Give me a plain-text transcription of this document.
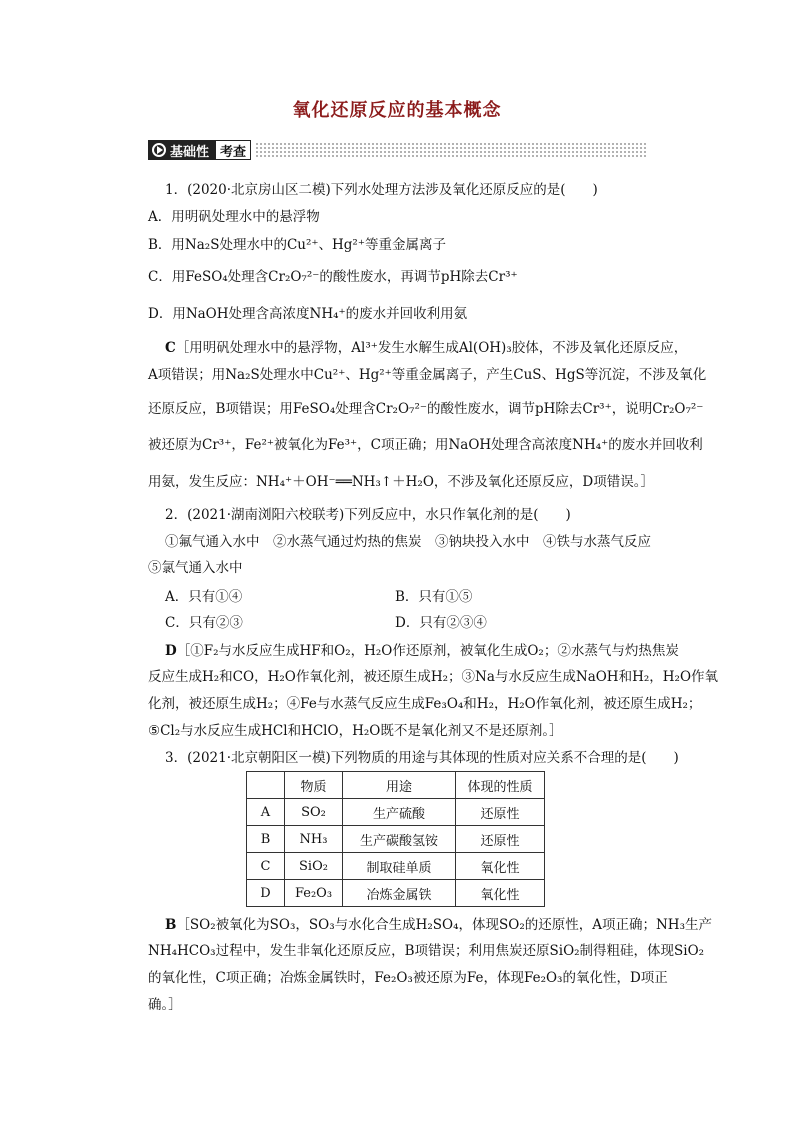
氧化还原反应的基本概念
基础性 考查
1．(2020·北京房山区二模)下列水处理方法涉及氧化还原反应的是(　　)
A．用明矾处理水中的悬浮物
B．用Na₂S处理水中的Cu²⁺、Hg²⁺等重金属离子
C．用FeSO₄处理含Cr₂O₇²⁻的酸性废水，再调节pH除去Cr³⁺
D．用NaOH处理含高浓度NH₄⁺的废水并回收利用氨
C［用明矾处理水中的悬浮物，Al³⁺发生水解生成Al(OH)₃胶体，不涉及氧化还原反应，
A项错误；用Na₂S处理水中Cu²⁺、Hg²⁺等重金属离子，产生CuS、HgS等沉淀，不涉及氧化
还原反应，B项错误；用FeSO₄处理含Cr₂O₇²⁻的酸性废水，调节pH除去Cr³⁺，说明Cr₂O₇²⁻
被还原为Cr³⁺，Fe²⁺被氧化为Fe³⁺，C项正确；用NaOH处理含高浓度NH₄⁺的废水并回收利
用氨，发生反应：NH₄⁺＋OH⁻══NH₃↑＋H₂O，不涉及氧化还原反应，D项错误。］
2．(2021·湖南浏阳六校联考)下列反应中，水只作氧化剂的是(　　)
①氟气通入水中　②水蒸气通过灼热的焦炭　③钠块投入水中　④铁与水蒸气反应
⑤氯气通入水中
A．只有①④	B．只有①⑤
C．只有②③	D．只有②③④
D［①F₂与水反应生成HF和O₂，H₂O作还原剂，被氧化生成O₂；②水蒸气与灼热焦炭
反应生成H₂和CO，H₂O作氧化剂，被还原生成H₂；③Na与水反应生成NaOH和H₂，H₂O作氧
化剂，被还原生成H₂；④Fe与水蒸气反应生成Fe₃O₄和H₂，H₂O作氧化剂，被还原生成H₂；
⑤Cl₂与水反应生成HCl和HClO，H₂O既不是氧化剂又不是还原剂。］
3．(2021·北京朝阳区一模)下列物质的用途与其体现的性质对应关系不合理的是(　　)
	物质	用途	体现的性质
A	SO₂	生产硫酸	还原性
B	NH₃	生产碳酸氢铵	还原性
C	SiO₂	制取硅单质	氧化性
D	Fe₂O₃	冶炼金属铁	氧化性
B［SO₂被氧化为SO₃，SO₃与水化合生成H₂SO₄，体现SO₂的还原性，A项正确；NH₃生产
NH₄HCO₃过程中，发生非氧化还原反应，B项错误；利用焦炭还原SiO₂制得粗硅，体现SiO₂
的氧化性，C项正确；冶炼金属铁时，Fe₂O₃被还原为Fe，体现Fe₂O₃的氧化性，D项正
确。］
